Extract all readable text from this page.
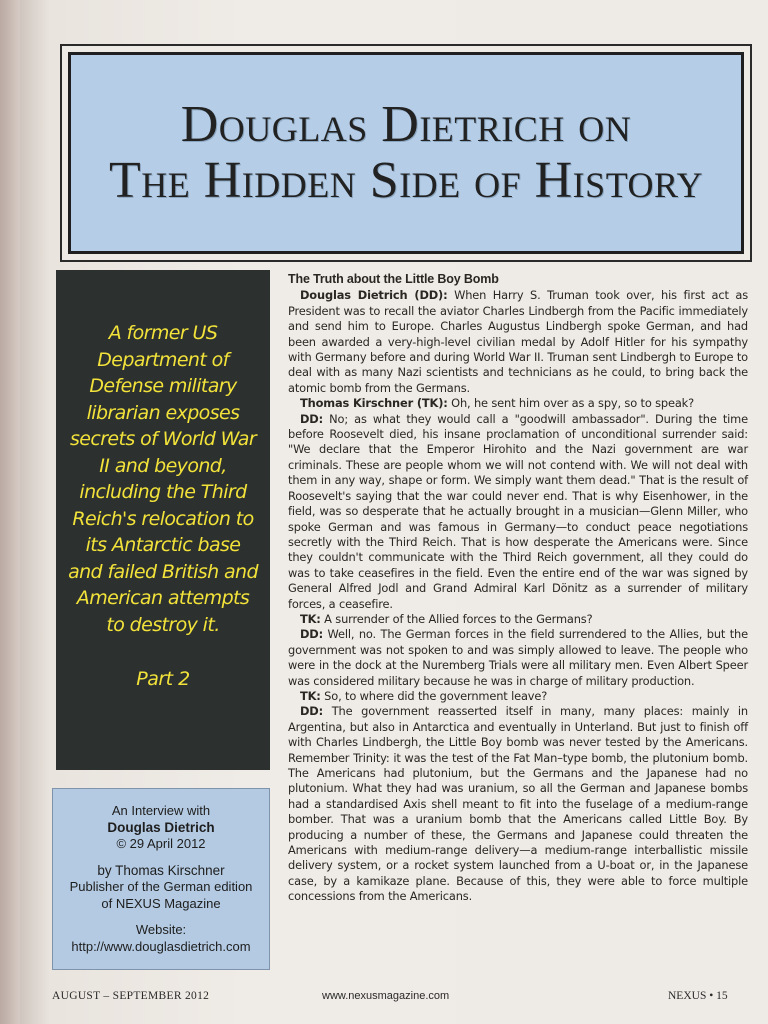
Douglas Dietrich on
The Hidden Side of History
A former US Department of Defense military librarian exposes secrets of World War II and beyond, including the Third Reich's relocation to its Antarctic base and failed British and American attempts to destroy it.
Part 2
An Interview with
Douglas Dietrich
© 29 April 2012
by Thomas Kirschner
Publisher of the German edition
of NEXUS Magazine
Website:
http://www.douglasdietrich.com
The Truth about the Little Boy Bomb

Douglas Dietrich (DD): When Harry S. Truman took over, his first act as President was to recall the aviator Charles Lindbergh from the Pacific immediately and send him to Europe. Charles Augustus Lindbergh spoke German, and had been awarded a very-high-level civilian medal by Adolf Hitler for his sympathy with Germany before and during World War II. Truman sent Lindbergh to Europe to deal with as many Nazi scientists and technicians as he could, to bring back the atomic bomb from the Germans.

Thomas Kirschner (TK): Oh, he sent him over as a spy, so to speak?

DD: No; as what they would call a "goodwill ambassador". During the time before Roosevelt died, his insane proclamation of unconditional surrender said: "We declare that the Emperor Hirohito and the Nazi government are war criminals. These are people whom we will not contend with. We will not deal with them in any way, shape or form. We simply want them dead." That is the result of Roosevelt's saying that the war could never end. That is why Eisenhower, in the field, was so desperate that he actually brought in a musician—Glenn Miller, who spoke German and was famous in Germany—to conduct peace negotiations secretly with the Third Reich. That is how desperate the Americans were. Since they couldn't communicate with the Third Reich government, all they could do was to take ceasefires in the field. Even the entire end of the war was signed by General Alfred Jodl and Grand Admiral Karl Dönitz as a surrender of military forces, a ceasefire.

TK: A surrender of the Allied forces to the Germans?

DD: Well, no. The German forces in the field surrendered to the Allies, but the government was not spoken to and was simply allowed to leave. The people who were in the dock at the Nuremberg Trials were all military men. Even Albert Speer was considered military because he was in charge of military production.

TK: So, to where did the government leave?

DD: The government reasserted itself in many, many places: mainly in Argentina, but also in Antarctica and eventually in Unterland. But just to finish off with Charles Lindbergh, the Little Boy bomb was never tested by the Americans. Remember Trinity: it was the test of the Fat Man–type bomb, the plutonium bomb. The Americans had plutonium, but the Germans and the Japanese had no plutonium. What they had was uranium, so all the German and Japanese bombs had a standardised Axis shell meant to fit into the fuselage of a medium-range bomber. That was a uranium bomb that the Americans called Little Boy. By producing a number of these, the Germans and Japanese could threaten the Americans with medium-range delivery—a medium-range interballistic missile delivery system, or a rocket system launched from a U-boat or, in the Japanese case, by a kamikaze plane. Because of this, they were able to force multiple concessions from the Americans.

AUGUST – SEPTEMBER 2012	www.nexusmagazine.com	NEXUS • 15
